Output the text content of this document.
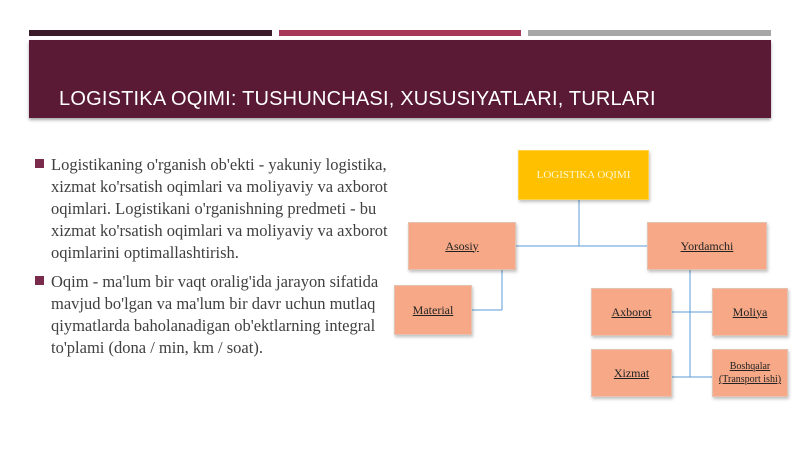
LOGISTIKA OQIMI: TUSHUNCHASI, XUSUSIYATLARI, TURLARI
Logistikaning o'rganish ob'ekti - yakuniy logistika, xizmat ko'rsatish oqimlari va moliyaviy va axborot oqimlari. Logistikani o'rganishning predmeti - bu xizmat ko'rsatish oqimlari va moliyaviy va axborot oqimlarini optimallashtirish.
Oqim - ma'lum bir vaqt oralig'ida jarayon sifatida mavjud bo'lgan va ma'lum bir davr uchun mutlaq qiymatlarda baholanadigan ob'ektlarning integral to'plami (dona / min, km / soat).
LOGISTIKA OQIMI
Asosiy	Yordamchi
Material	Axborot	Moliya
Xizmat	Boshqalar (Transport ishi)
